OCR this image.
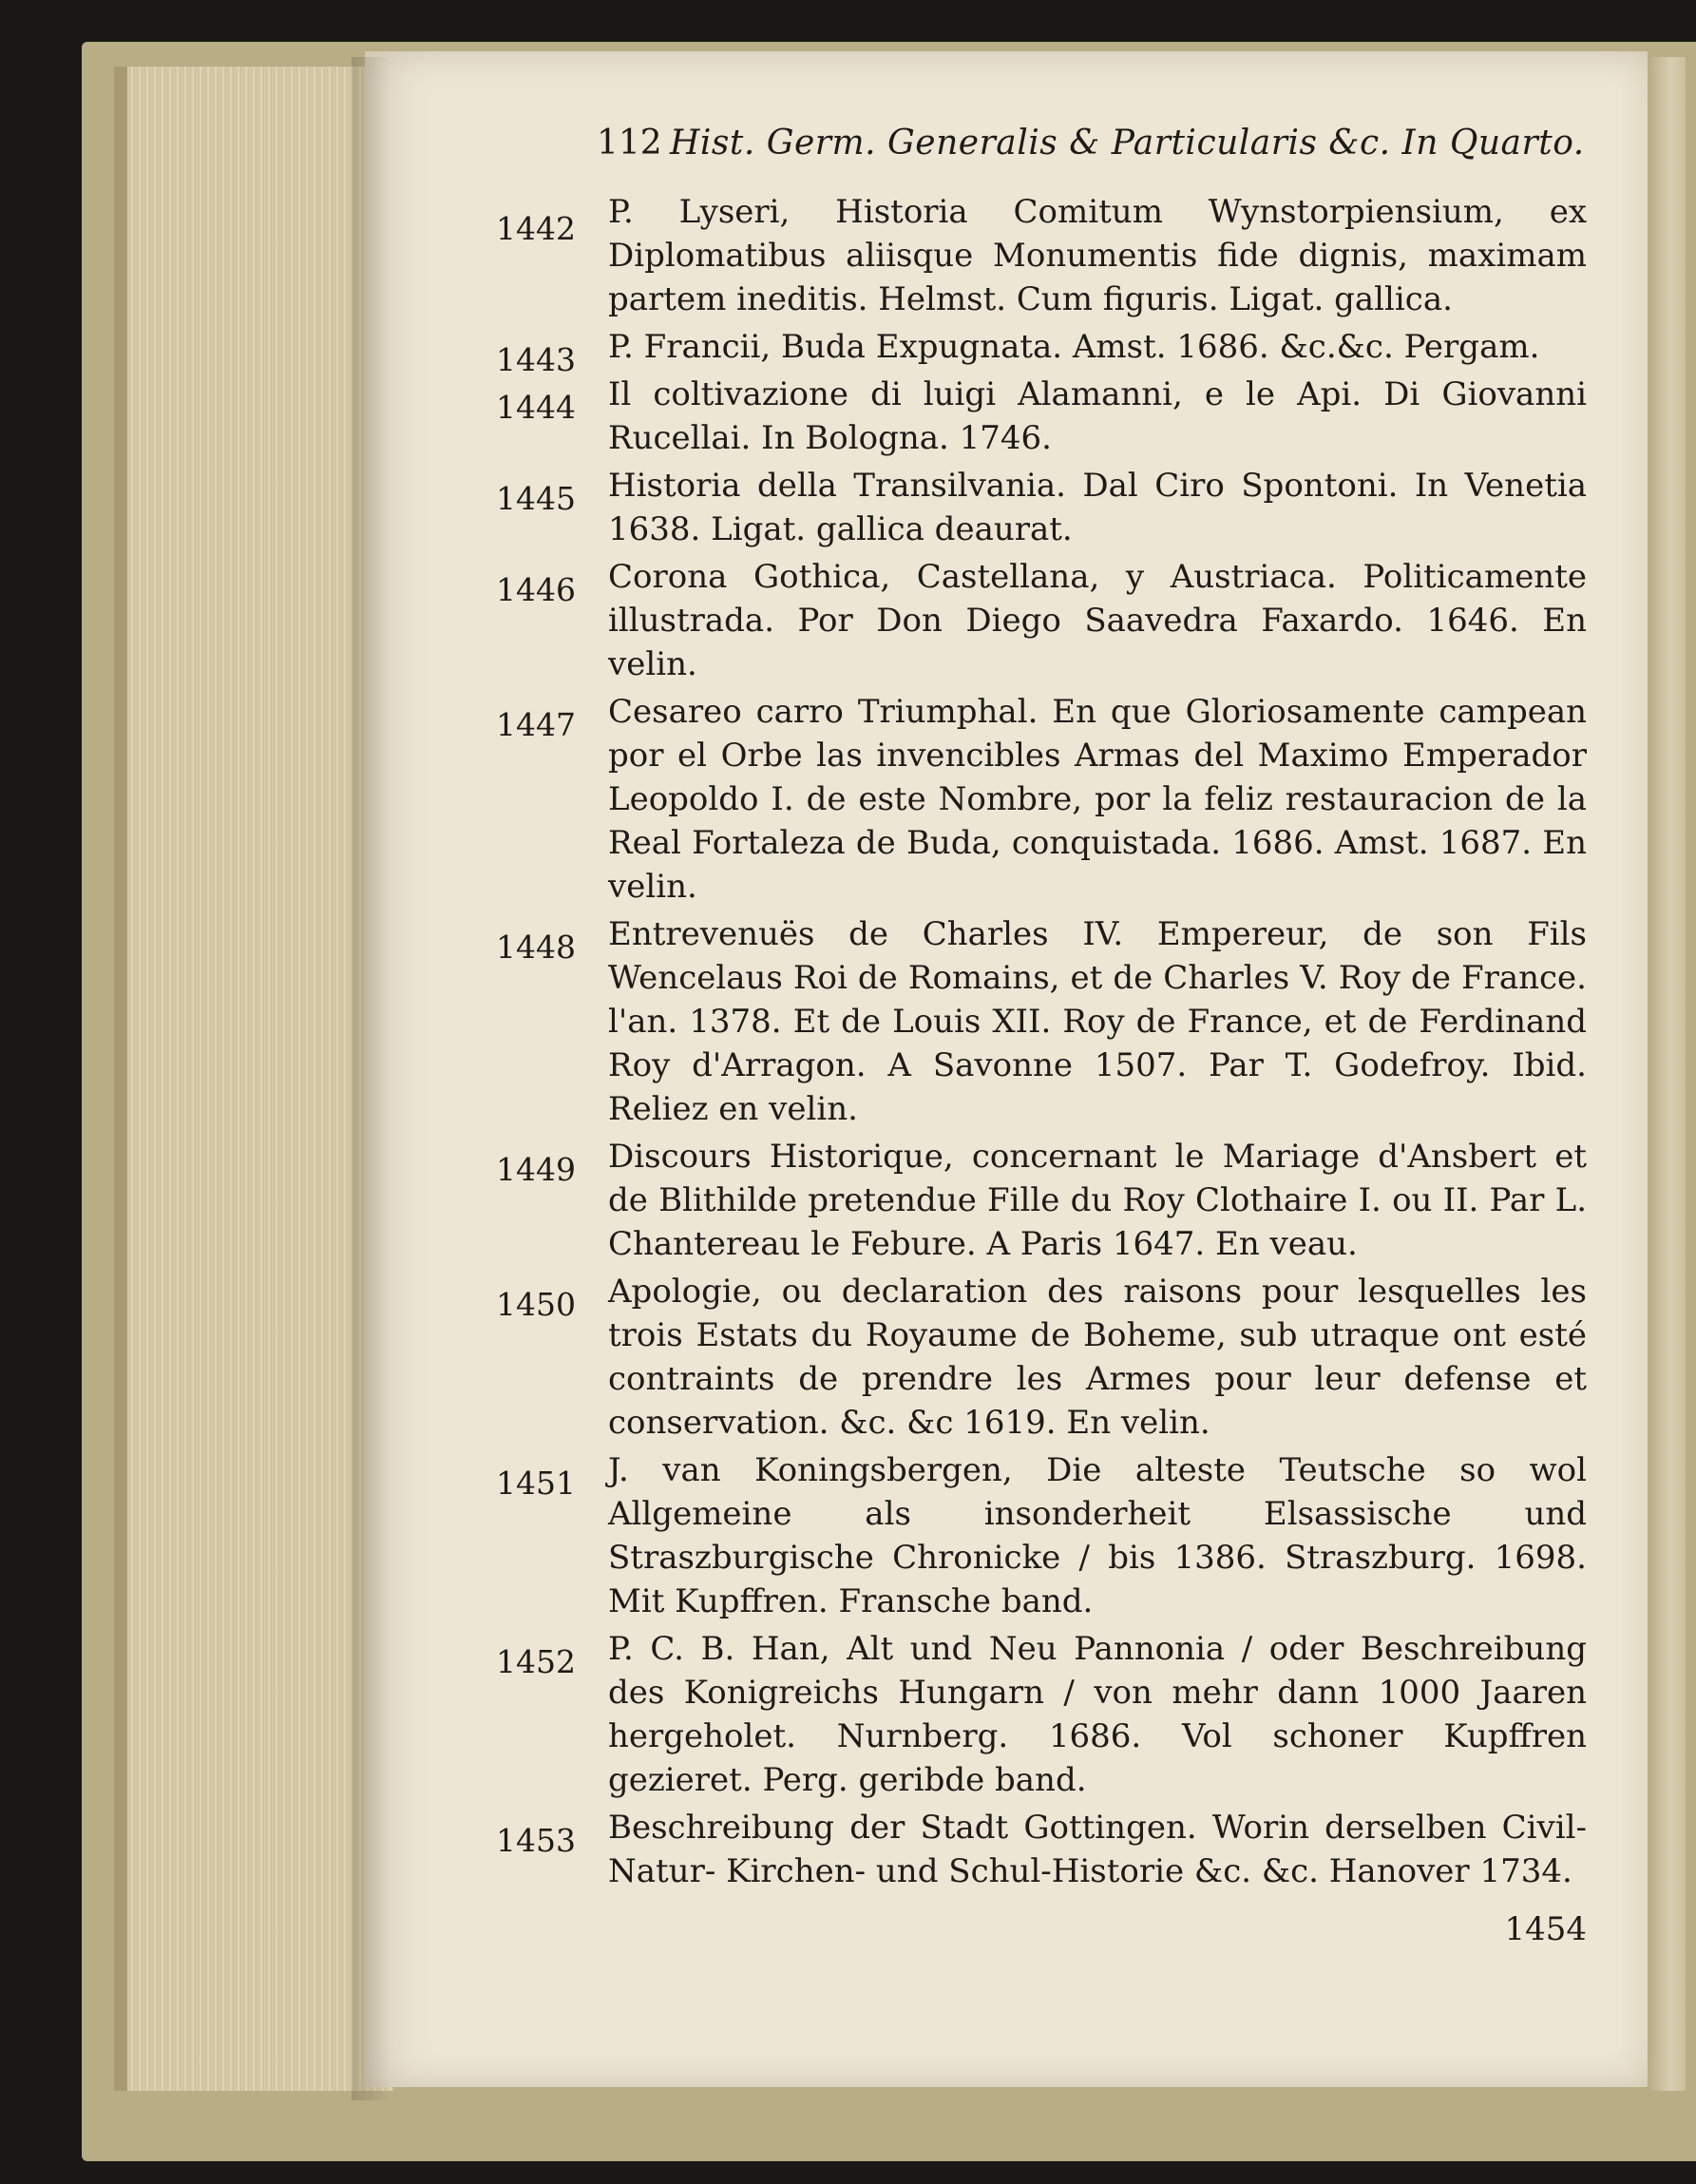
112 Hist. Germ. Generalis & Particularis &c. In Quarto.
1442 P. Lyseri, Historia Comitum Wynstorpiensium, ex Diplomatibus aliisque Monumentis fide dignis, maximam partem ineditis. Helmst. Cum figuris. Ligat. gallica.
1443 P. Francii, Buda Expugnata. Amst. 1686. &c.&c. Pergam.
1444 Il coltivazione di luigi Alamanni, e le Api. Di Giovanni Rucellai. In Bologna. 1746.
1445 Historia della Transilvania. Dal Ciro Spontoni. In Venetia 1638. Ligat. gallica deaurat.
1446 Corona Gothica, Castellana, y Austriaca. Politicamente illustrada. Por Don Diego Saavedra Faxardo. 1646. En velin.
1447 Cesareo carro Triumphal. En que Gloriosamente campean por el Orbe las invencibles Armas del Maximo Emperador Leopoldo I. de este Nombre, por la feliz restauracion de la Real Fortaleza de Buda, conquistada. 1686. Amst. 1687. En velin.
1448 Entrevenuës de Charles IV. Empereur, de son Fils Wencelaus Roi de Romains, et de Charles V. Roy de France. l'an. 1378. Et de Louis XII. Roy de France, et de Ferdinand Roy d'Arragon. A Savonne 1507. Par T. Godefroy. Ibid. Reliez en velin.
1449 Discours Historique, concernant le Mariage d'Ansbert et de Blithilde pretendue Fille du Roy Clothaire I. ou II. Par L. Chantereau le Febure. A Paris 1647. En veau.
1450 Apologie, ou declaration des raisons pour lesquelles les trois Estats du Royaume de Boheme, sub utraque ont esté contraints de prendre les Armes pour leur defense et conservation. &c. &c 1619. En velin.
1451 J. van Koningsbergen, Die alteste Teutsche so wol Allgemeine als insonderheit Elsassische und Straszburgische Chronicke / bis 1386. Straszburg. 1698. Mit Kupffren. Fransche band.
1452 P. C. B. Han, Alt und Neu Pannonia / oder Beschreibung des Konigreichs Hungarn / von mehr dann 1000 Jaaren hergeholet. Nurnberg. 1686. Vol schoner Kupffren gezieret. Perg. geribde band.
1453 Beschreibung der Stadt Gottingen. Worin derselben Civil- Natur- Kirchen- und Schul-Historie &c. &c. Hanover 1734.
1454
